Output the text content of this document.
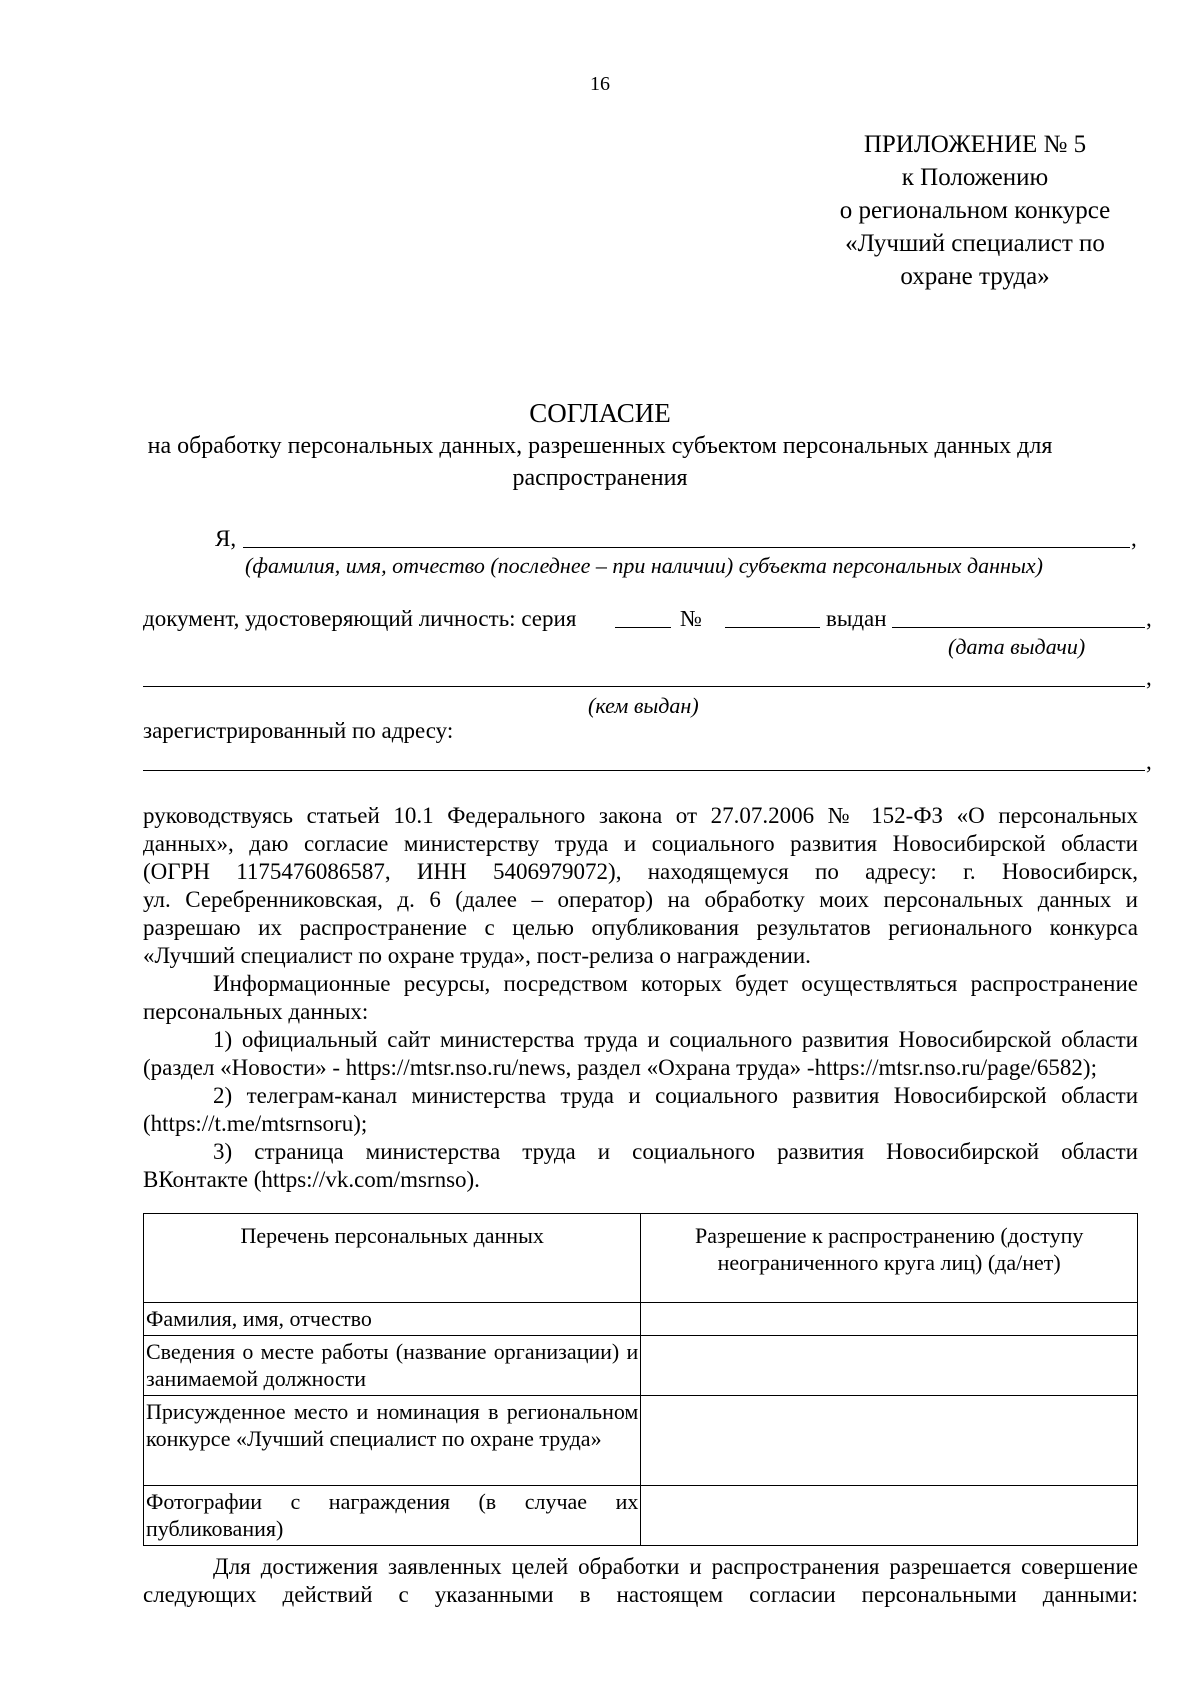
16
ПРИЛОЖЕНИЕ № 5
к Положению
о региональном конкурсе
«Лучший специалист по
охране труда»
СОГЛАСИЕ
на обработку персональных данных, разрешенных субъектом персональных данных для распространения
Я,	,
(фамилия, имя, отчество (последнее – при наличии) субъекта персональных данных)
документ, удостоверяющий личность: серия	№	выдан	,
(дата выдачи)
,
(кем выдан)
зарегистрированный по адресу:
,
руководствуясь статьей 10.1 Федерального закона от 27.07.2006 № 152-ФЗ «О персональных
данных», даю согласие министерству труда и социального развития Новосибирской области
(ОГРН 1175476086587, ИНН 5406979072), находящемуся по адресу: г. Новосибирск,
ул. Серебренниковская, д. 6 (далее – оператор) на обработку моих персональных данных и
разрешаю их распространение с целью опубликования результатов регионального конкурса
«Лучший специалист по охране труда», пост-релиза о награждении.
Информационные ресурсы, посредством которых будет осуществляться распространение
персональных данных:
1) официальный сайт министерства труда и социального развития Новосибирской области
(раздел «Новости» - https://mtsr.nso.ru/news, раздел «Охрана труда» -https://mtsr.nso.ru/page/6582);
2) телеграм-канал министерства труда и социального развития Новосибирской области
(https://t.me/mtsrnsoru);
3) страница министерства труда и социального развития Новосибирской области
ВКонтакте (https://vk.com/msrnso).
Перечень персональных данных	Разрешение к распространению (доступу неограниченного круга лиц) (да/нет)
Фамилия, имя, отчество	
Сведения о месте работы (название организации) и занимаемой должности	
Присужденное место и номинация в региональном конкурсе «Лучший специалист по охране труда»	
Фотографии с награждения (в случае их публикования)	
Для достижения заявленных целей обработки и распространения разрешается совершение
следующих действий с указанными в настоящем согласии персональными данными:
